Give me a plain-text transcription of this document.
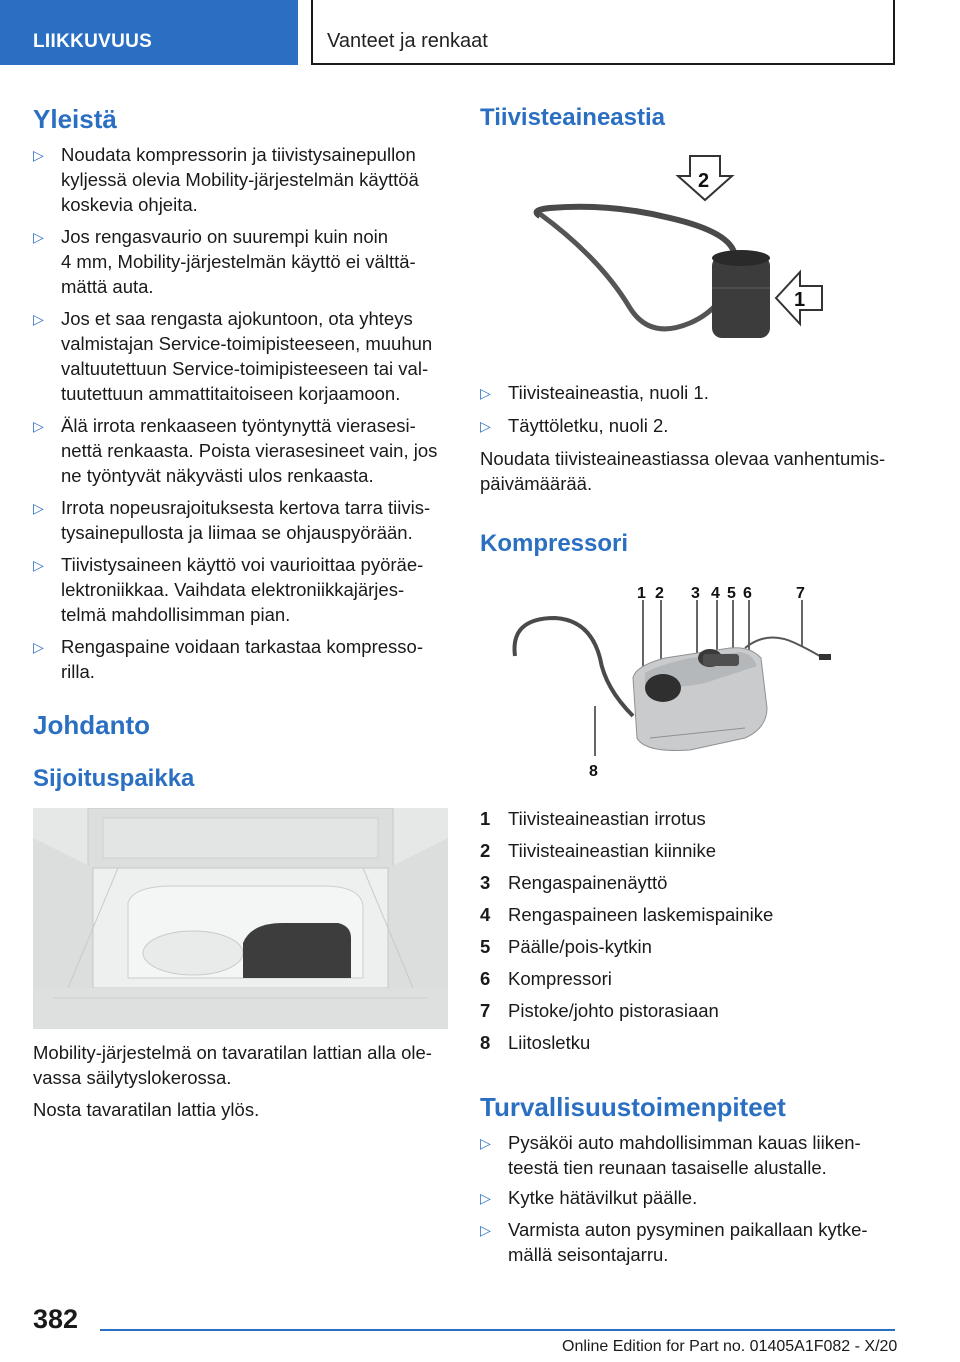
LIIKKUVUUS	Vanteet ja renkaat
Yleistä
▷ Noudata kompressorin ja tiivistysainepullon
kyljessä olevia Mobility-järjestelmän käyttöä
koskevia ohjeita.
▷ Jos rengasvaurio on suurempi kuin noin
4 mm, Mobility-järjestelmän käyttö ei välttä-
mättä auta.
▷ Jos et saa rengasta ajokuntoon, ota yhteys
valmistajan Service-toimipisteeseen, muuhun
valtuutettuun Service-toimipisteeseen tai val-
tuutettuun ammattitaitoiseen korjaamoon.
▷ Älä irrota renkaaseen työntynyttä vierasesi-
nettä renkaasta. Poista vierasesineet vain, jos
ne työntyvät näkyvästi ulos renkaasta.
▷ Irrota nopeusrajoituksesta kertova tarra tiivis-
tysainepullosta ja liimaa se ohjauspyörään.
▷ Tiivistysaineen käyttö voi vaurioittaa pyöräe-
lektroniikkaa. Vaihdata elektroniikkajärjes-
telmä mahdollisimman pian.
▷ Rengaspaine voidaan tarkastaa kompresso-
rilla.
Johdanto
Sijoituspaikka
Mobility-järjestelmä on tavaratilan lattian alla ole-
vassa säilytyslokerossa.
Nosta tavaratilan lattia ylös.
Tiivisteaineastia
2
1
▷ Tiivisteaineastia, nuoli 1.
▷ Täyttöletku, nuoli 2.
Noudata tiivisteaineastiassa olevaa vanhentumis-
päivämäärää.
Kompressori
1 2 3 4 5 6	7
8
1 Tiivisteaineastian irrotus
2 Tiivisteaineastian kiinnike
3 Rengaspainenäyttö
4 Rengaspaineen laskemispainike
5 Päälle/pois-kytkin
6 Kompressori
7 Pistoke/johto pistorasiaan
8 Liitosletku
Turvallisuustoimenpiteet
▷ Pysäköi auto mahdollisimman kauas liiken-
teestä tien reunaan tasaiselle alustalle.
▷ Kytke hätävilkut päälle.
▷ Varmista auton pysyminen paikallaan kytke-
mällä seisontajarru.
382
Online Edition for Part no. 01405A1F082 - X/20
